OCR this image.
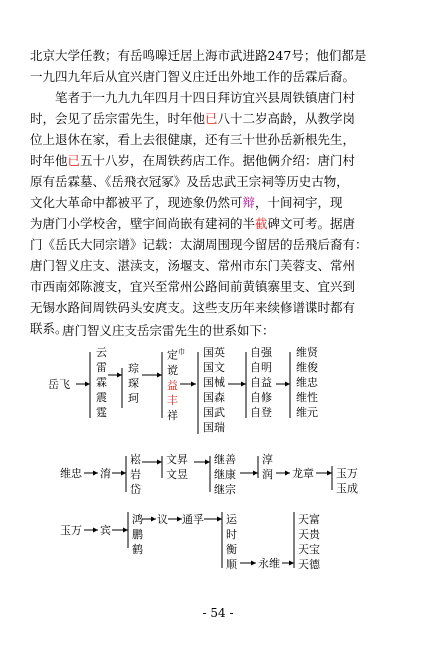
北京大学任教；有岳鸣嗥迁居上海市武进路247号；他们都是
一九四九年后从宜兴唐门智义庄迁出外地工作的岳霖后裔。
　　笔者于一九九九年四月十四日拜访宜兴县周铁镇唐门村
时，会见了岳宗雷先生，时年他已八十二岁高龄，从教学岗
位上退休在家，看上去很健康，还有三十世孙岳新根先生，
时年他已五十八岁，在周铁药店工作。据他俩介绍：唐门村
原有岳霖墓、《岳飛衣冠冢》及岳忠武王宗祠等历史古物，
文化大革命中都被平了，现迹象仍然可辩，十间祠宇，现
为唐门小学校舍，壁宇间尚嵌有建祠的半截碑文可考。据唐
门《岳氏大同宗谱》记载：太湖周围现今留居的岳飛后裔有：
唐门智义庄支、湛渎支，汤堰支、常州市东门芙蓉支、常州
市西南郊陈渡支，宜兴至常州公路间前黄镇寨里支、宜兴到
无锡水路间周铁码头安庹支。这些支历年来续修谱谍时都有
联系。
唐门智义庄支岳宗雷先生的世系如下：
岳飞
云
雷
霖
震
霆
琮
琛
珂
定$^巾$
谠
益
丰
祥
国英
国文
国械
国森
国武
国瑞
自强
自明
自益
自修
自登
维贤
维俊
维忠
维性
维元
维忠 淯
崧
岩
岱
文昇
文昱
继善
继康
继宗
淳
润 龙章 玉万
玉成
玉万 宾
鸿
鹏
鹤
议 通孚 运
时
衡
顺 永维
天富
天贵
天宝
天德
- 54 -
